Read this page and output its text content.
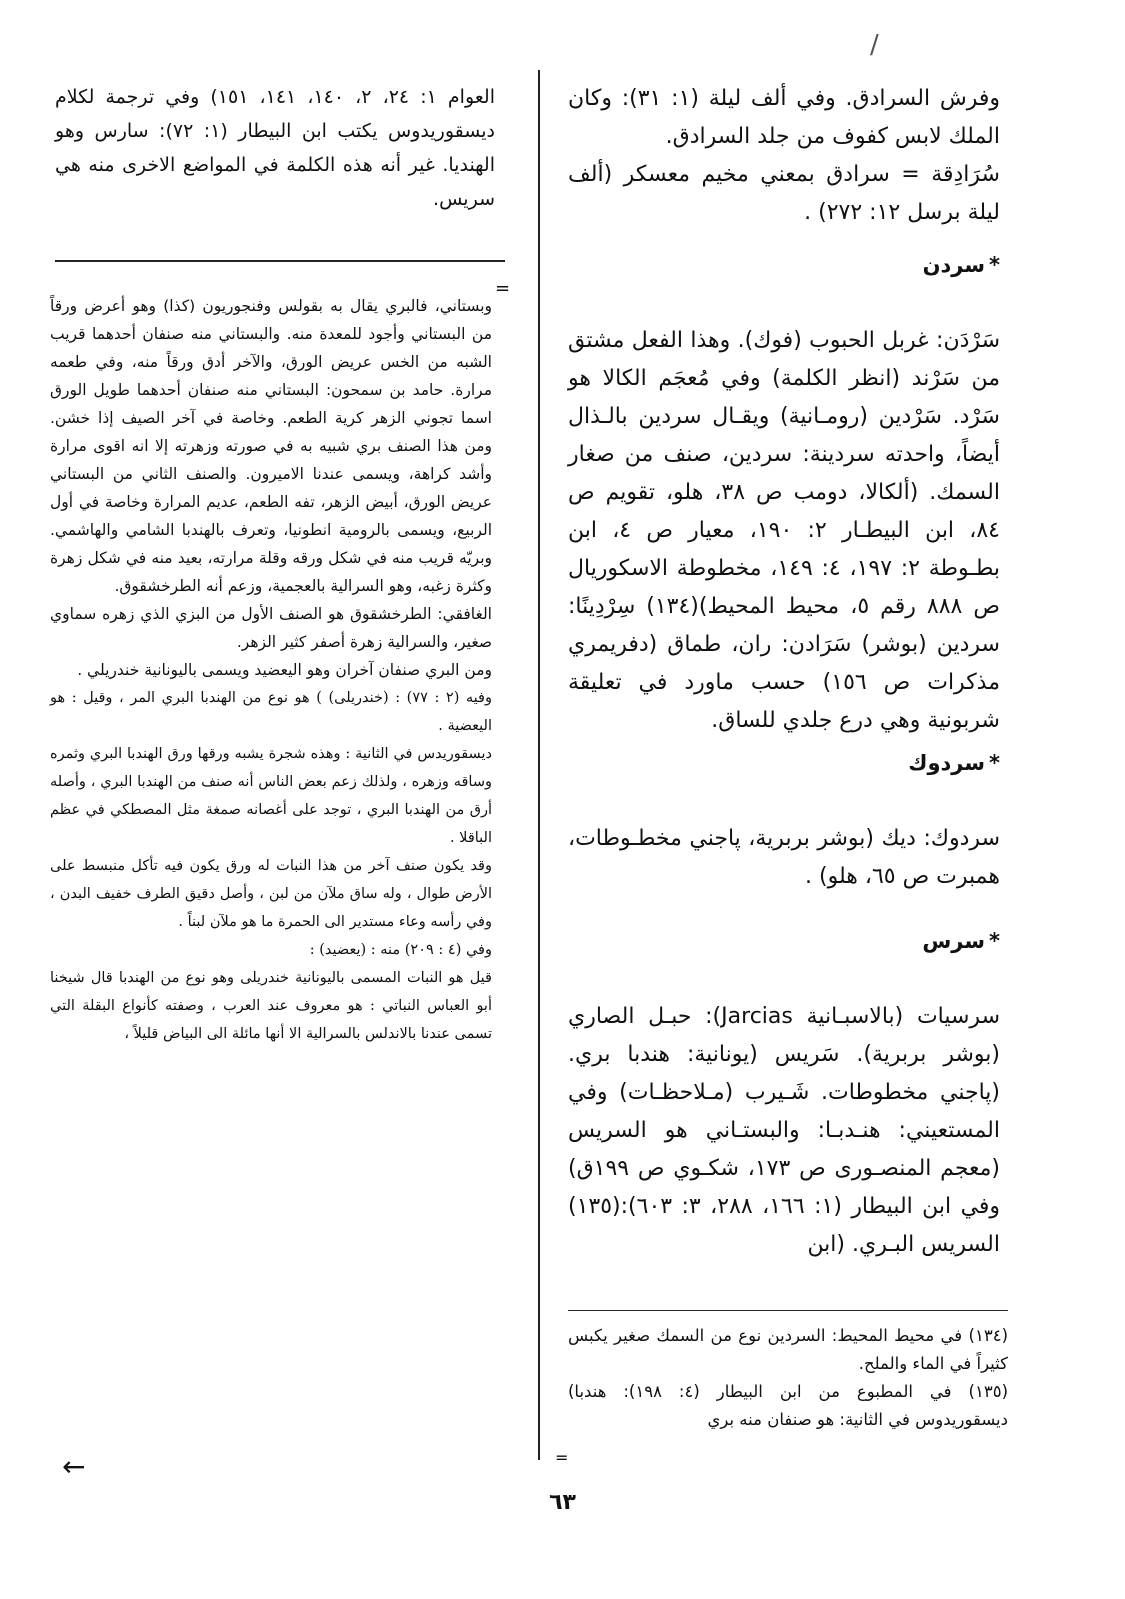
/

وفرش السرادق. وفي ألف ليلة (١: ٣١): وكان الملك لابس كفوف من جلد السرادق.

سُرَادِقة = سرادق بمعني مخيم معسكر (ألف ليلة برسل ١٢: ٢٧٢) .

*سردن

سَرْدَن: غربل الحبوب (فوك). وهذا الفعل مشتق من سَرْند (انظر الكلمة) وفي مُعجَم الكالا هو سَرْد. سَرْدين (رومـانية) ويقـال سردين بالـذال أيضاً، واحدته سردينة: سردين، صنف من صغار السمك. (ألكالا، دومب ص ٣٨، هلو، تقويم ص ٨٤، ابن البيطـار ٢: ١٩٠، معيار ص ٤، ابن بطـوطة ٢: ١٩٧، ٤: ١٤٩، مخطوطة الاسكوريال ص ٨٨٨ رقم ٥، محيط المحيط)(١٣٤) سِرْدِينًا: سردين (بوشر) سَرَادن: ران، طماق (دفريمري مذكرات ص ١٥٦) حسب ماورد في تعليقة شربونية وهي درع جلدي للساق.

*سردوك

سردوك: ديك (بوشر بربرية، پاجني مخطـوطات، همبرت ص ٦٥، هلو) .

*سرس

سرسيات (بالاسبـانية Jarcias): حبـل الصاري (بوشر بربرية). سَريس (يونانية: هندبا بري. (پاجني مخطوطات. شَـيرب (مـلاحظـات) وفي المستعيني: هنـدبـا: والبستـاني هو السريس (معجم المنصـورى ص ١٧٣، شكـوي ص ١٩٩ق) وفي ابن البيطار (١: ١٦٦، ٢٨٨، ٣: ٦٠٣):(١٣٥) السريس البـري. (ابن

العوام ١: ٢٤، ٢، ١٤٠، ١٤١، ١٥١) وفي ترجمة لكلام ديسقوريدوس يكتب ابن البيطار (١: ٧٢): سارس وهو الهنديا. غير أنه هذه الكلمة في المواضع الاخرى منه هي سريس.

=

وبستاني، فالبري يقال به بقولس وفنجوريون (كذا) وهو أعرض ورقاً من البستاني وأجود للمعدة منه. والبستاني منه صنفان أحدهما قريب الشبه من الخس عريض الورق، والآخر أدق ورقاً منه، وفي طعمه مرارة. حامد بن سمحون: البستاني منه صنفان أحدهما طويل الورق اسما تجوني الزهر كرية الطعم. وخاصة في آخر الصيف إذا خشن. ومن هذا الصنف بري شبيه به في صورته وزهرته إلا انه اقوى مرارة وأشد كراهة، ويسمى عندنا الاميرون. والصنف الثاني من البستاني عريض الورق، أبيض الزهر، تفه الطعم، عديم المرارة وخاصة في أول الربيع، ويسمى بالرومية انطونيا، وتعرف بالهندبا الشامي والهاشمي. وبريّه قريب منه في شكل ورقه وقلة مرارته، بعيد منه في شكل زهرة وكثرة زغبه، وهو السرالية بالعجمية، وزعم أنه الطرخشقوق.

الغافقي: الطرخشقوق هو الصنف الأول من البزي الذي زهره سماوي صغير، والسرالية زهرة أصفر كثير الزهر.

ومن البري صنفان آخران وهو اليعضيد ويسمى باليونانية خندريلي .

وفيه (٢ : ٧٧) : (خندريلى) ) هو نوع من الهندبا البري المر ، وقيل : هو اليعضية .

ديسقوريدس في الثانية : وهذه شجرة يشبه ورقها ورق الهندبا البري وثمره وساقه وزهره ، ولذلك زعم بعض الناس أنه صنف من الهندبا البري ، وأصله أرق من الهندبا البري ، توجد على أغصانه صمغة مثل المصطكي في عظم الباقلا .

وقد يكون صنف آخر من هذا النبات له ورق يكون فيه تأكل منبسط على الأرض طوال ، وله ساق ملآن من لبن ، وأصل دقيق الطرف خفيف البدن ، وفي رأسه وعاء مستدير الى الحمرة ما هو ملآن لبناً .

وفي (٤ : ٢٠٩) منه : (يعضيد) :

قيل هو النبات المسمى باليونانية خندريلى وهو نوع من الهندبا قال شيخنا أبو العباس النباتي : هو معروف عند العرب ، وصفته كأنواع البقلة التي تسمى عندنا بالاندلس بالسرالية الا أنها مائلة الى البياض قليلاً ،

(١٣٤) في محيط المحيط: السردين نوع من السمك صغير يكبس كثيراً في الماء والملح.

(١٣٥) في المطبوع من ابن البيطار (٤: ١٩٨): هندبا) ديسقوريدوس في الثانية: هو صنفان منه بري

=
←
٦٣
